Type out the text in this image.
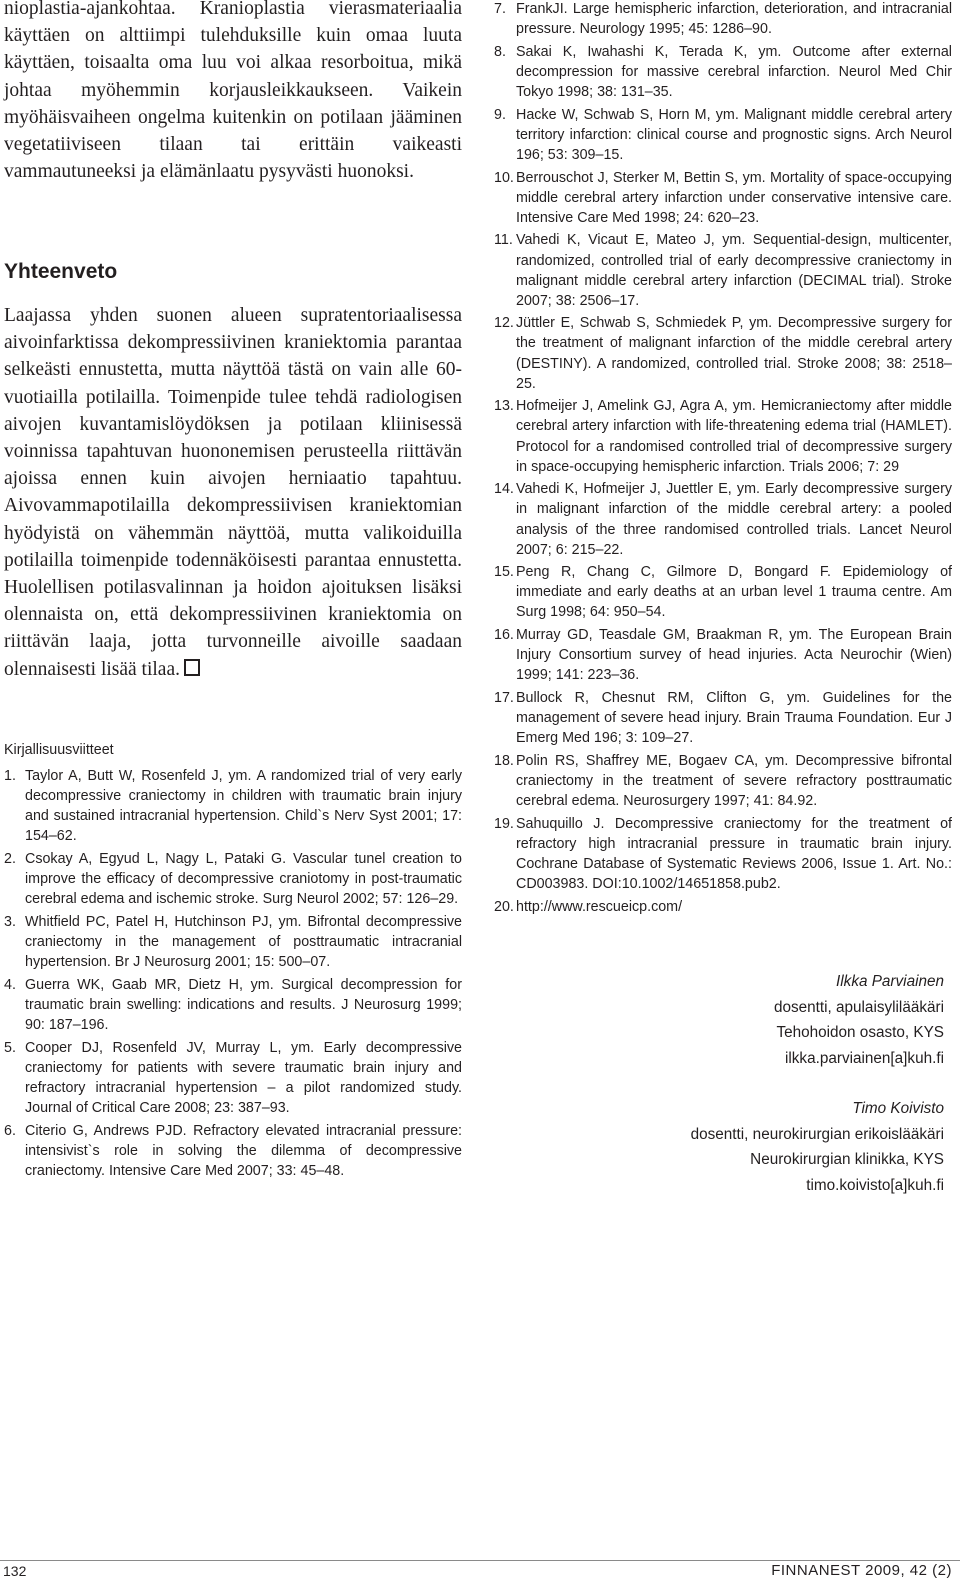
nioplastia-ajankohtaa. Kranioplastia vierasmateriaalia käyttäen on alttiimpi tulehduksille kuin omaa luuta käyttäen, toisaalta oma luu voi alkaa resorboitua, mikä johtaa myöhemmin korjausleikkaukseen. Vaikein myöhäisvaiheen ongelma kuitenkin on potilaan jääminen vegetatiiviseen tilaan tai erittäin vaikeasti vammautuneeksi ja elämänlaatu pysyvästi huonoksi.

Yhteenveto

Laajassa yhden suonen alueen supratentoriaalisessa aivoinfarktissa dekompressiivinen kraniektomia parantaa selkeästi ennustetta, mutta näyttöä tästä on vain alle 60-vuotiailla potilailla. Toimenpide tulee tehdä radiologisen aivojen kuvantamislöydöksen ja potilaan kliinisessä voinnissa tapahtuvan huononemisen perusteella riittävän ajoissa ennen kuin aivojen herniaatio tapahtuu. Aivovammapotilailla dekompressiivisen kraniektomian hyödyistä on vähemmän näyttöä, mutta valikoiduilla potilailla toimenpide todennäköisesti parantaa ennustetta. Huolellisen potilasvalinnan ja hoidon ajoituksen lisäksi olennaista on, että dekompressiivinen kraniektomia on riittävän laaja, jotta turvonneille aivoille saadaan olennaisesti lisää tilaa.

Kirjallisuusviitteet
1. Taylor A, Butt W, Rosenfeld J, ym. A randomized trial of very early decompressive craniectomy in children with traumatic brain injury and sustained intracranial hypertension. Child`s Nerv Syst 2001; 17: 154–62.
2. Csokay A, Egyud L, Nagy L, Pataki G. Vascular tunel creation to improve the efficacy of decompressive craniotomy in post-traumatic cerebral edema and ischemic stroke. Surg Neurol 2002; 57: 126–29.
3. Whitfield PC, Patel H, Hutchinson PJ, ym. Bifrontal decompressive craniectomy in the management of posttraumatic intracranial hypertension. Br J Neurosurg 2001; 15: 500–07.
4. Guerra WK, Gaab MR, Dietz H, ym. Surgical decompression for traumatic brain swelling: indications and results. J Neurosurg 1999; 90: 187–196.
5. Cooper DJ, Rosenfeld JV, Murray L, ym. Early decompressive craniectomy for patients with severe traumatic brain injury and refractory intracranial hypertension – a pilot randomized study. Journal of Critical Care 2008; 23: 387–93.
6. Citerio G, Andrews PJD. Refractory elevated intracranial pressure: intensivist`s role in solving the dilemma of decompressive craniectomy. Intensive Care Med 2007; 33: 45–48.
7. FrankJI. Large hemispheric infarction, deterioration, and intracranial pressure. Neurology 1995; 45: 1286–90.
8. Sakai K, Iwahashi K, Terada K, ym. Outcome after external decompression for massive cerebral infarction. Neurol Med Chir Tokyo 1998; 38: 131–35.
9. Hacke W, Schwab S, Horn M, ym. Malignant middle cerebral artery territory infarction: clinical course and prognostic signs. Arch Neurol 196; 53: 309–15.
10. Berrouschot J, Sterker M, Bettin S, ym. Mortality of space-occupying middle cerebral artery infarction under conservative intensive care. Intensive Care Med 1998; 24: 620–23.
11. Vahedi K, Vicaut E, Mateo J, ym. Sequential-design, multicenter, randomized, controlled trial of early decompressive craniectomy in malignant middle cerebral artery infarction (DECIMAL trial). Stroke 2007; 38: 2506–17.
12. Jüttler E, Schwab S, Schmiedek P, ym. Decompressive surgery for the treatment of malignant infarction of the middle cerebral artery (DESTINY). A randomized, controlled trial. Stroke 2008; 38: 2518–25.
13. Hofmeijer J, Amelink GJ, Agra A, ym. Hemicraniectomy after middle cerebral artery infarction with life-threatening edema trial (HAMLET). Protocol for a randomised controlled trial of decompressive surgery in space-occupying hemispheric infarction. Trials 2006; 7: 29
14. Vahedi K, Hofmeijer J, Juettler E, ym. Early decompressive surgery in malignant infarction of the middle cerebral artery: a pooled analysis of the three randomised controlled trials. Lancet Neurol 2007; 6: 215–22.
15. Peng R, Chang C, Gilmore D, Bongard F. Epidemiology of immediate and early deaths at an urban level 1 trauma centre. Am Surg 1998; 64: 950–54.
16. Murray GD, Teasdale GM, Braakman R, ym. The European Brain Injury Consortium survey of head injuries. Acta Neurochir (Wien) 1999; 141: 223–36.
17. Bullock R, Chesnut RM, Clifton G, ym. Guidelines for the management of severe head injury. Brain Trauma Foundation. Eur J Emerg Med 196; 3: 109–27.
18. Polin RS, Shaffrey ME, Bogaev CA, ym. Decompressive bifrontal craniectomy in the treatment of severe refractory posttraumatic cerebral edema. Neurosurgery 1997; 41: 84.92.
19. Sahuquillo J. Decompressive craniectomy for the treatment of refractory high intracranial pressure in traumatic brain injury. Cochrane Database of Systematic Reviews 2006, Issue 1. Art. No.: CD003983. DOI:10.1002/14651858.pub2.
20. http://www.rescueicp.com/
Ilkka Parviainen
dosentti, apulaisylilääkäri
Tehohoidon osasto, KYS
ilkka.parviainen[a]kuh.fi
Timo Koivisto
dosentti, neurokirurgian erikoislääkäri
Neurokirurgian klinikka, KYS
timo.koivisto[a]kuh.fi
132	FINNANEST 2009, 42 (2)
